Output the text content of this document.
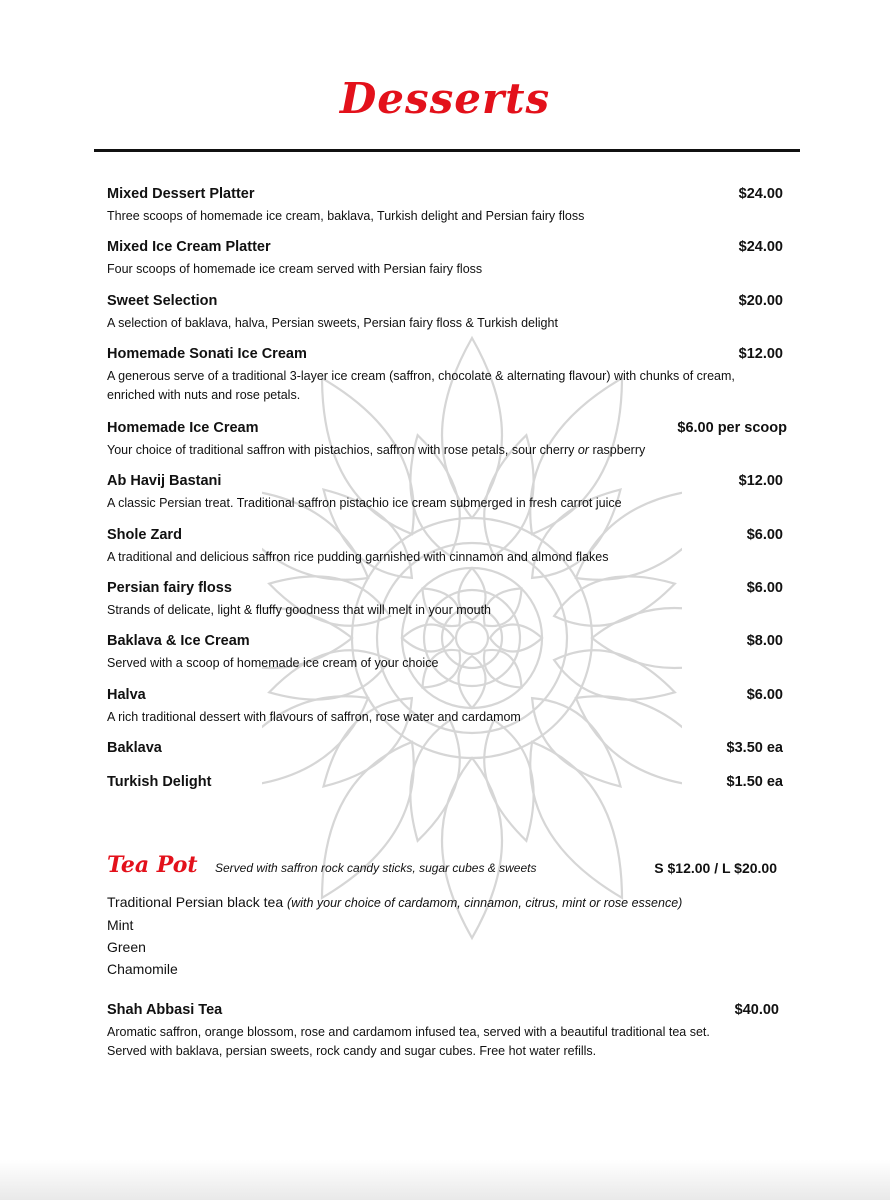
Desserts
Mixed Dessert Platter	$24.00
Three scoops of homemade ice cream, baklava, Turkish delight and Persian fairy floss
Mixed Ice Cream Platter	$24.00
Four scoops of homemade ice cream served with Persian fairy floss
Sweet Selection	$20.00
A selection of baklava, halva, Persian sweets, Persian fairy floss & Turkish delight
Homemade Sonati Ice Cream	$12.00
A generous serve of a traditional 3-layer ice cream (saffron, chocolate & alternating flavour) with chunks of cream, enriched with nuts and rose petals.
Homemade Ice Cream	$6.00 per scoop
Your choice of traditional saffron with pistachios, saffron with rose petals, sour cherry or raspberry
Ab Havij Bastani	$12.00
A classic Persian treat. Traditional saffron pistachio ice cream submerged in fresh carrot juice
Shole Zard	$6.00
A traditional and delicious saffron rice pudding garnished with cinnamon and almond flakes
Persian fairy floss	$6.00
Strands of delicate, light & fluffy goodness that will melt in your mouth
Baklava & Ice Cream	$8.00
Served with a scoop of homemade ice cream of your choice
Halva	$6.00
A rich traditional dessert with flavours of saffron, rose water and cardamom
Baklava	$3.50 ea
Turkish Delight	$1.50 ea
Tea Pot Served with saffron rock candy sticks, sugar cubes & sweets	S $12.00 / L $20.00
Traditional Persian black tea (with your choice of cardamom, cinnamon, citrus, mint or rose essence)
Mint
Green
Chamomile
Shah Abbasi Tea	$40.00
Aromatic saffron, orange blossom, rose and cardamom infused tea, served with a beautiful traditional tea set.
Served with baklava, persian sweets, rock candy and sugar cubes. Free hot water refills.
